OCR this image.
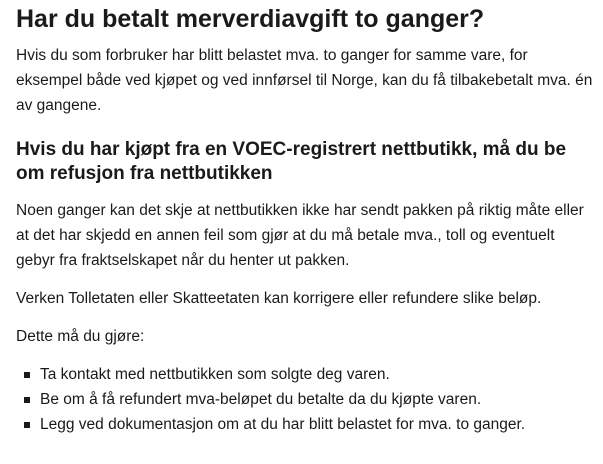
Har du betalt merverdiavgift to ganger?

Hvis du som forbruker har blitt belastet mva. to ganger for samme vare, for eksempel både ved kjøpet og ved innførsel til Norge, kan du få tilbakebetalt mva. én av gangene.

Hvis du har kjøpt fra en VOEC-registrert nettbutikk, må du be om refusjon fra nettbutikken

Noen ganger kan det skje at nettbutikken ikke har sendt pakken på riktig måte eller at det har skjedd en annen feil som gjør at du må betale mva., toll og eventuelt gebyr fra fraktselskapet når du henter ut pakken.

Verken Tolletaten eller Skatteetaten kan korrigere eller refundere slike beløp.

Dette må du gjøre:

Ta kontakt med nettbutikken som solgte deg varen.
Be om å få refundert mva-beløpet du betalte da du kjøpte varen.
Legg ved dokumentasjon om at du har blitt belastet for mva. to ganger.
